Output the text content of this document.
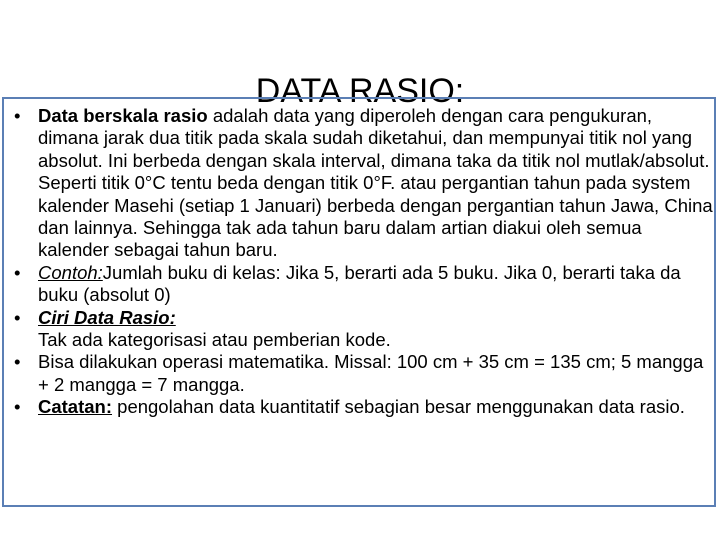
DATA RASIO:
• Data berskala rasio adalah data yang diperoleh dengan cara pengukuran, dimana jarak dua titik pada skala sudah diketahui, dan mempunyai titik nol yang absolut. Ini berbeda dengan skala interval, dimana taka da titik nol mutlak/absolut. Seperti titik 0°C tentu beda dengan titik 0°F. atau pergantian tahun pada system kalender Masehi (setiap 1 Januari) berbeda dengan pergantian tahun Jawa, China dan lainnya. Sehingga tak ada tahun baru dalam artian diakui oleh semua kalender sebagai tahun baru.
• Contoh:Jumlah buku di kelas: Jika 5, berarti ada 5 buku. Jika 0, berarti taka da buku (absolut 0)
• Ciri Data Rasio:
Tak ada kategorisasi atau pemberian kode.
• Bisa dilakukan operasi matematika. Missal: 100 cm + 35 cm = 135 cm; 5 mangga + 2 mangga = 7 mangga.
• Catatan: pengolahan data kuantitatif sebagian besar menggunakan data rasio.
